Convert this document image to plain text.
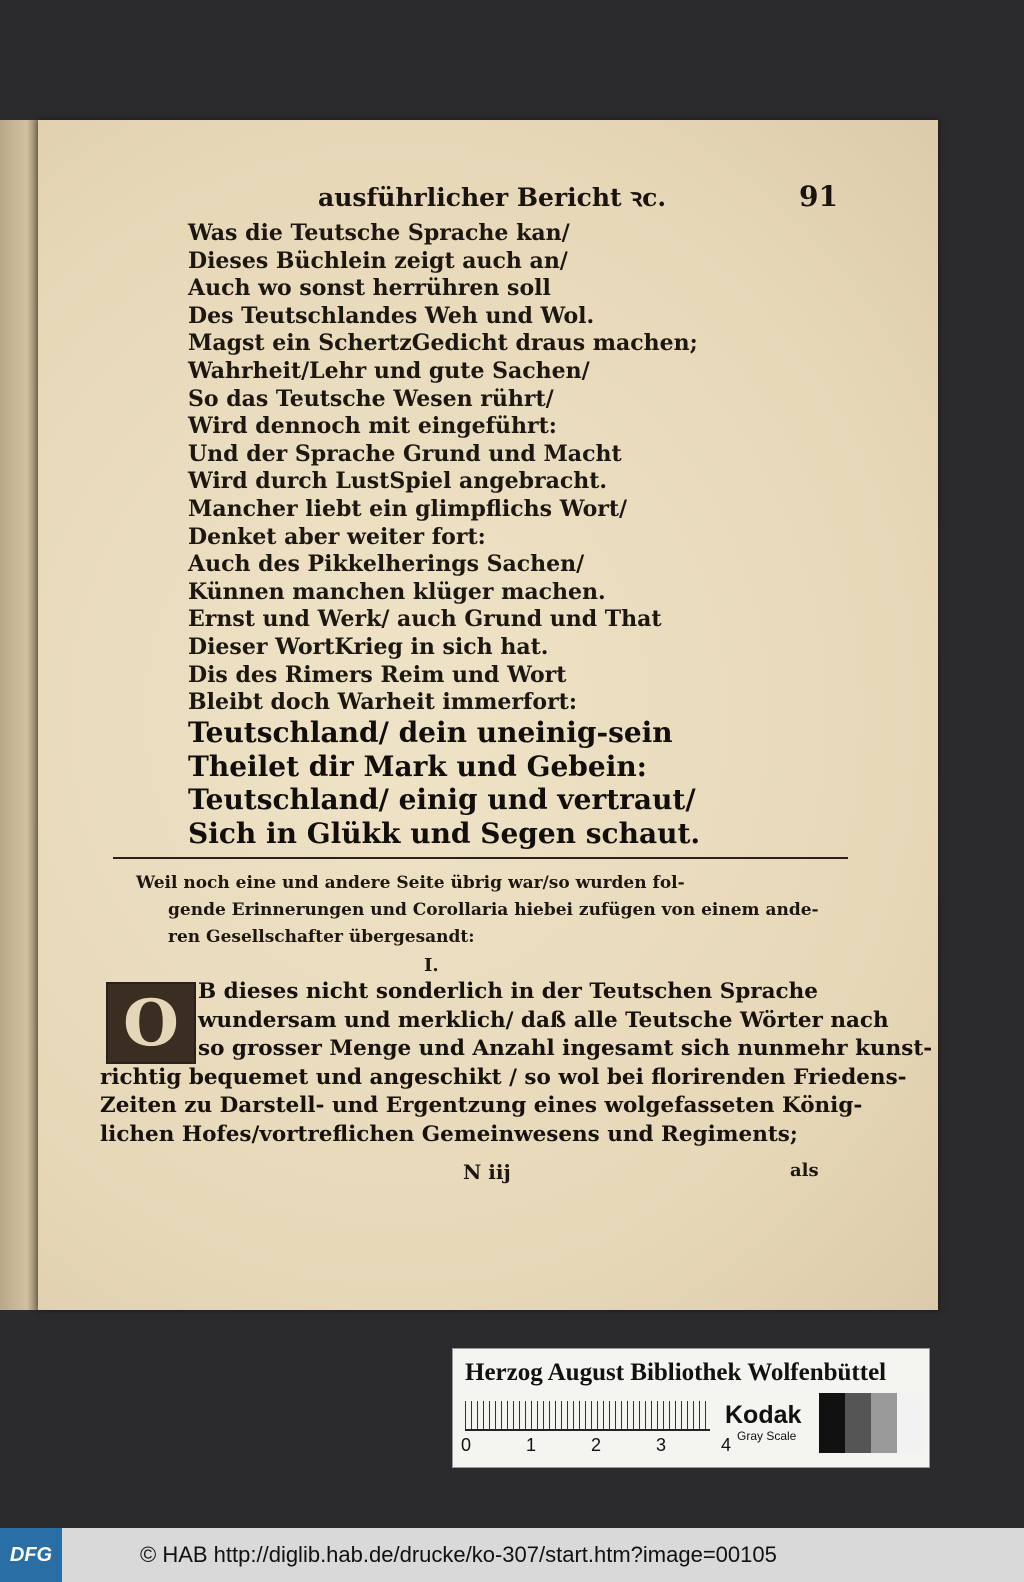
ausführlicher Bericht ꝛc.	91
Was die Teutsche Sprache kan/
Dieses Büchlein zeigt auch an/
Auch wo sonst herrühren soll
Des Teutschlandes Weh und Wol.
Magst ein SchertzGedicht draus machen;
Wahrheit/Lehr und gute Sachen/
So das Teutsche Wesen rührt/
Wird dennoch mit eingeführt:
Und der Sprache Grund und Macht
Wird durch LustSpiel angebracht.
Mancher liebt ein glimpflichs Wort/
Denket aber weiter fort:
Auch des Pikkelherings Sachen/
Künnen manchen klüger machen.
Ernst und Werk/ auch Grund und That
Dieser WortKrieg in sich hat.
Dis des Rimers Reim und Wort
Bleibt doch Warheit immerfort:
Teutschland/ dein uneinig-sein
Theilet dir Mark und Gebein:
Teutschland/ einig und vertraut/
Sich in Glükk und Segen schaut.
Weil noch eine und andere Seite übrig war/so wurden fol-
gende Erinnerungen und Corollaria hiebei zufügen von einem ande-
ren Gesellschafter übergesandt:
I.
O B dieses nicht sonderlich in der Teutschen Sprache
wundersam und merklich/ daß alle Teutsche Wörter nach
so grosser Menge und Anzahl ingesamt sich nunmehr kunst-
richtig bequemet und angeschikt / so wol bei florirenden Friedens-
Zeiten zu Darstell- und Ergentzung eines wolgefasseten König-
lichen Hofes/vortreflichen Gemeinwesens und Regiments;
N iij	als
Herzog August Bibliothek Wolfenbüttel
0	1	2	3	4
Kodak
Gray Scale
DFG	© HAB http://diglib.hab.de/drucke/ko-307/start.htm?image=00105
